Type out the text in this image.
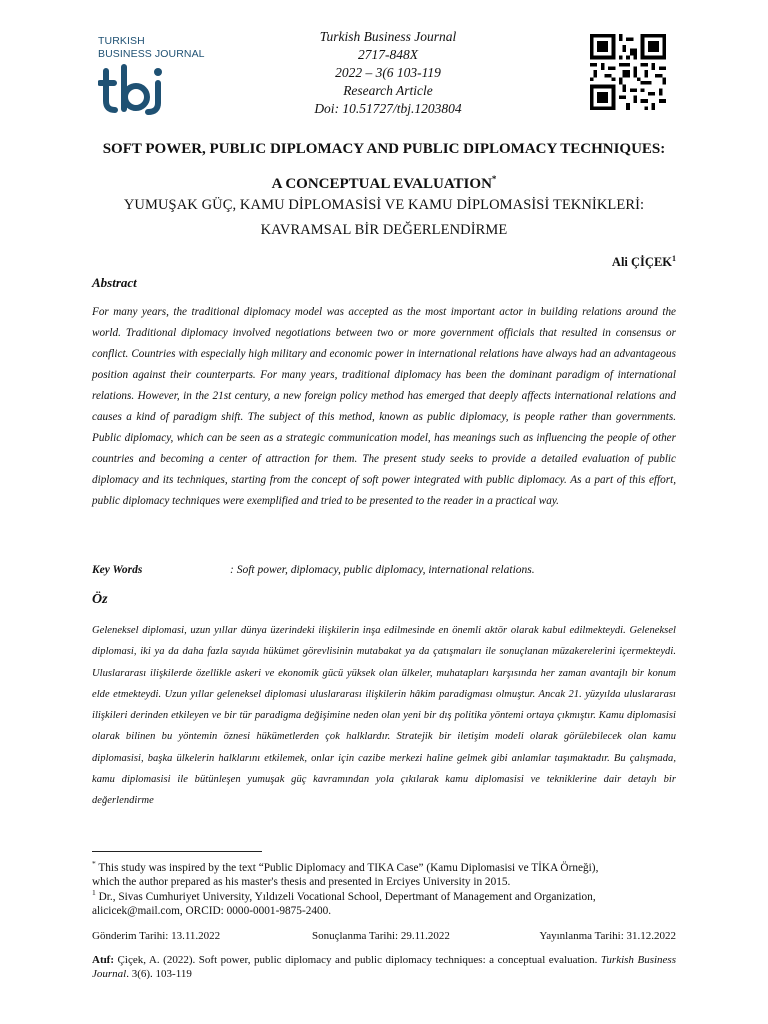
TURKISH
BUSINESS JOURNAL
Turkish Business Journal
2717-848X
2022 – 3(6 103-119
Research Article
Doi: 10.51727/tbj.1203804
SOFT POWER, PUBLIC DIPLOMACY AND PUBLIC DIPLOMACY TECHNIQUES:
A CONCEPTUAL EVALUATION*
YUMUŞAK GÜÇ, KAMU DİPLOMASİSİ VE KAMU DİPLOMASİSİ TEKNİKLERİ:
KAVRAMSAL BİR DEĞERLENDİRME
Ali ÇİÇEK$^1$
Abstract
For many years, the traditional diplomacy model was accepted as the most important actor in building relations around the world. Traditional diplomacy involved negotiations between two or more government officials that resulted in consensus or conflict. Countries with especially high military and economic power in international relations have always had an advantageous position against their counterparts. For many years, traditional diplomacy has been the dominant paradigm of international relations. However, in the 21st century, a new foreign policy method has emerged that deeply affects international relations and causes a kind of paradigm shift. The subject of this method, known as public diplomacy, is people rather than governments. Public diplomacy, which can be seen as a strategic communication model, has meanings such as influencing the people of other countries and becoming a center of attraction for them. The present study seeks to provide a detailed evaluation of public diplomacy and its techniques, starting from the concept of soft power integrated with public diplomacy. As a part of this effort, public diplomacy techniques were exemplified and tried to be presented to the reader in a practical way.
Key Words	: Soft power, diplomacy, public diplomacy, international relations.
Öz
Geleneksel diplomasi, uzun yıllar dünya üzerindeki ilişkilerin inşa edilmesinde en önemli aktör olarak kabul edilmekteydi. Geleneksel diplomasi, iki ya da daha fazla sayıda hükümet görevlisinin mutabakat ya da çatışmaları ile sonuçlanan müzakerelerini içermekteydi. Uluslararası ilişkilerde özellikle askeri ve ekonomik gücü yüksek olan ülkeler, muhatapları karşısında her zaman avantajlı bir konum elde etmekteydi. Uzun yıllar geleneksel diplomasi uluslararası ilişkilerin hâkim paradigması olmuştur. Ancak 21. yüzyılda uluslararası ilişkileri derinden etkileyen ve bir tür paradigma değişimine neden olan yeni bir dış politika yöntemi ortaya çıkmıştır. Kamu diplomasisi olarak bilinen bu yöntemin öznesi hükümetlerden çok halklardır. Stratejik bir iletişim modeli olarak görülebilecek olan kamu diplomasisi, başka ülkelerin halklarını etkilemek, onlar için cazibe merkezi haline gelmek gibi anlamlar taşımaktadır. Bu çalışmada, kamu diplomasisi ile bütünleşen yumuşak güç kavramından yola çıkılarak kamu diplomasisi ve tekniklerine dair detaylı bir değerlendirme
* This study was inspired by the text “Public Diplomacy and TIKA Case” (Kamu Diplomasisi ve TİKA Örneği),
which the author prepared as his master's thesis and presented in Erciyes University in 2015.
$^1$ Dr., Sivas Cumhuriyet University, Yıldızeli Vocational School, Depertmant of Management and Organization,
alicicek@mail.com, ORCID: 0000-0001-9875-2400.
Gönderim Tarihi: 13.11.2022	Sonuçlanma Tarihi: 29.11.2022	Yayınlanma Tarihi: 31.12.2022
Atıf: Çiçek, A. (2022). Soft power, public diplomacy and public diplomacy techniques: a conceptual evaluation. Turkish Business Journal. 3(6). 103-119
